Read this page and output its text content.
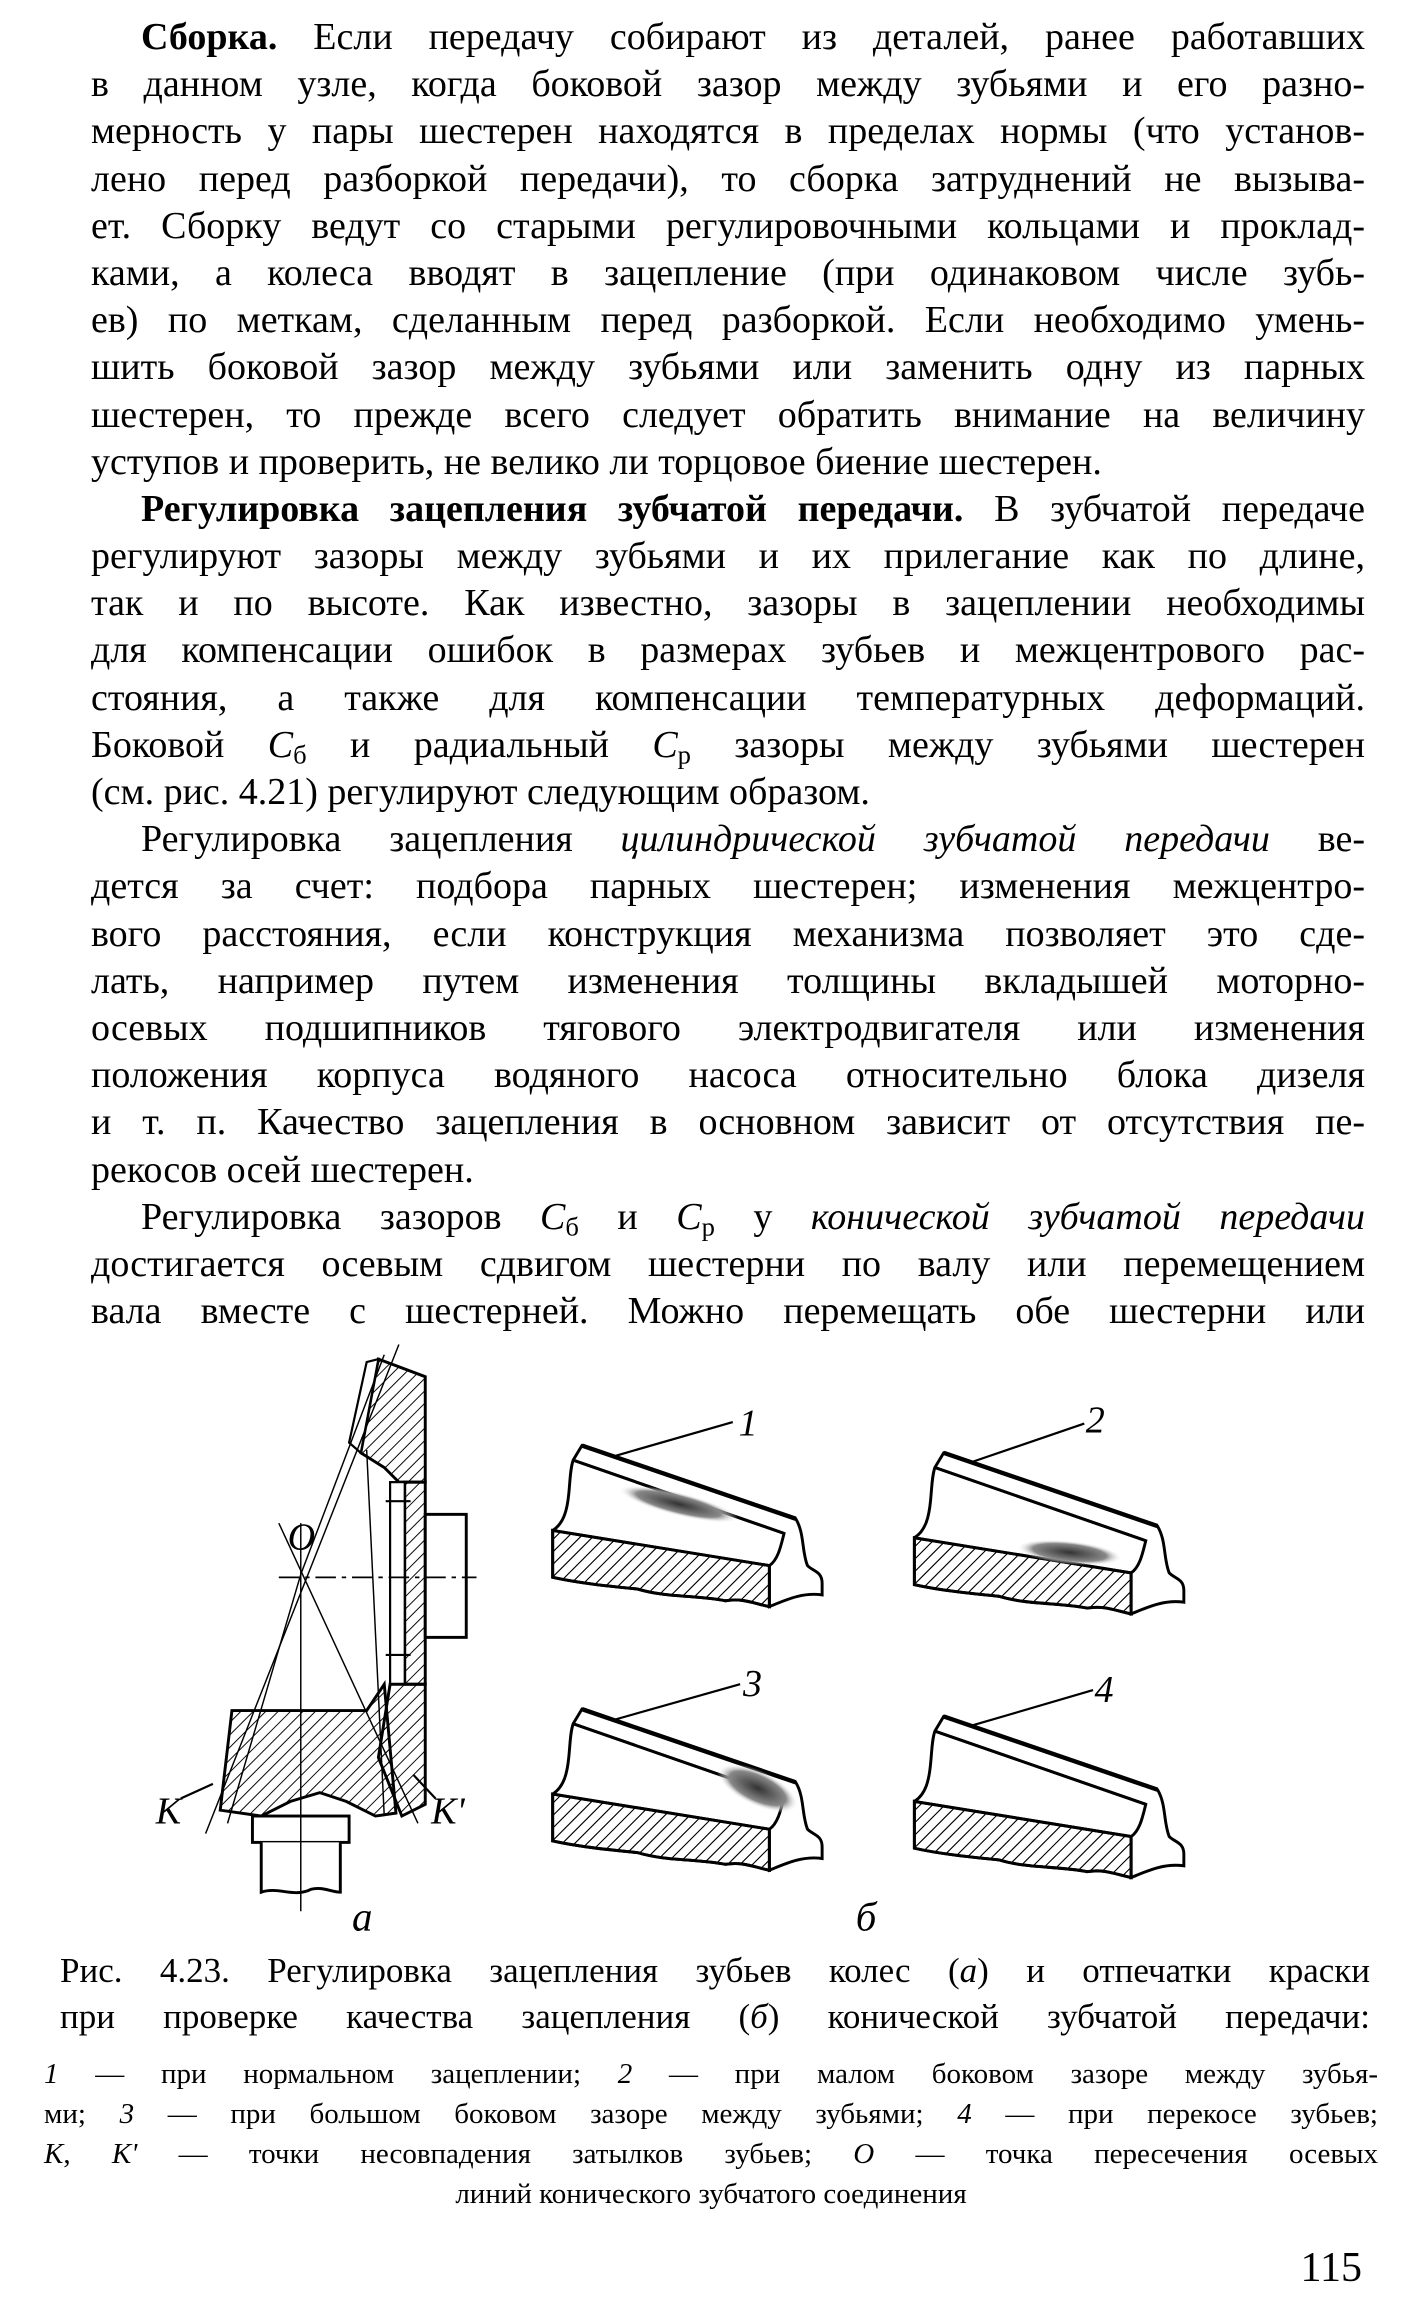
Сборка. Если передачу собирают из деталей, ранее работавших
в данном узле, когда боковой зазор между зубьями и его разно-
мерность у пары шестерен находятся в пределах нормы (что установ-
лено перед разборкой передачи), то сборка затруднений не вызыва-
ет. Сборку ведут со старыми регулировочными кольцами и проклад-
ками, а колеса вводят в зацепление (при одинаковом числе зубь-
ев) по меткам, сделанным перед разборкой. Если необходимо умень-
шить боковой зазор между зубьями или заменить одну из парных
шестерен, то прежде всего следует обратить внимание на величину
уступов и проверить, не велико ли торцовое биение шестерен.
Регулировка зацепления зубчатой передачи. В зубчатой передаче
регулируют зазоры между зубьями и их прилегание как по длине,
так и по высоте. Как известно, зазоры в зацеплении необходимы
для компенсации ошибок в размерах зубьев и межцентрового рас-
стояния, а также для компенсации температурных деформаций.
Боковой $C_б$ и радиальный $C_р$ зазоры между зубьями шестерен
(см. рис. 4.21) регулируют следующим образом.
Регулировка зацепления цилиндрической зубчатой передачи ве-
дется за счет: подбора парных шестерен; изменения межцентро-
вого расстояния, если конструкция механизма позволяет это сде-
лать, например путем изменения толщины вкладышей моторно-
осевых подшипников тягового электродвигателя или изменения
положения корпуса водяного насоса относительно блока дизеля
и т. п. Качество зацепления в основном зависит от отсутствия пе-
рекосов осей шестерен.
Регулировка зазоров $C_б$ и $C_р$ у конической зубчатой передачи
достигается осевым сдвигом шестерни по валу или перемещением
вала вместе с шестерней. Можно перемещать обе шестерни или
O
K	K'
1	2
3	4
а	б
Рис. 4.23. Регулировка зацепления зубьев колес (а) и отпечатки краски
при проверке качества зацепления (б) конической зубчатой передачи:
1 — при нормальном зацеплении; 2 — при малом боковом зазоре между зубья-
ми; 3 — при большом боковом зазоре между зубьями; 4 — при перекосе зубьев;
K, K' — точки несовпадения затылков зубьев; O — точка пересечения осевых
линий конического зубчатого соединения
115
